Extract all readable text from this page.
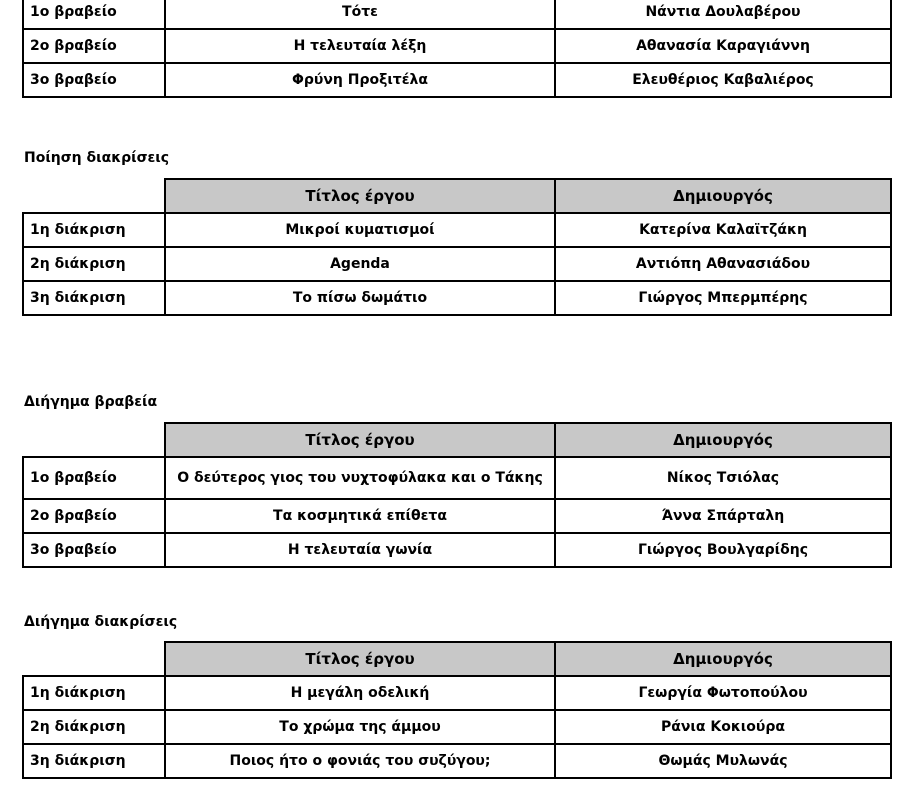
1ο βραβείο	Τότε	Νάντια Δουλαβέρου
2ο βραβείο	Η τελευταία λέξη	Αθανασία Καραγιάννη
3ο βραβείο	Φρύνη Προξιτέλα	Ελευθέριος Καβαλιέρος
Ποίηση διακρίσεις
	Τίτλος έργου	Δημιουργός
1η διάκριση	Μικροί κυματισμοί	Κατερίνα Καλαϊτζάκη
2η διάκριση	Agenda	Αντιόπη Αθανασιάδου
3η διάκριση	Το πίσω δωμάτιο	Γιώργος Μπερμπέρης
Διήγημα βραβεία
	Τίτλος έργου	Δημιουργός
1ο βραβείο	Ο δεύτερος γιος του νυχτοφύλακα και ο Τάκης	Νίκος Τσιόλας
2ο βραβείο	Τα κοσμητικά επίθετα	Άννα Σπάρταλη
3ο βραβείο	Η τελευταία γωνία	Γιώργος Βουλγαρίδης
Διήγημα διακρίσεις
	Τίτλος έργου	Δημιουργός
1η διάκριση	Η μεγάλη οδελική	Γεωργία Φωτοπούλου
2η διάκριση	Το χρώμα της άμμου	Ράνια Κοκιούρα
3η διάκριση	Ποιος ήτο ο φονιάς του συζύγου;	Θωμάς Μυλωνάς
